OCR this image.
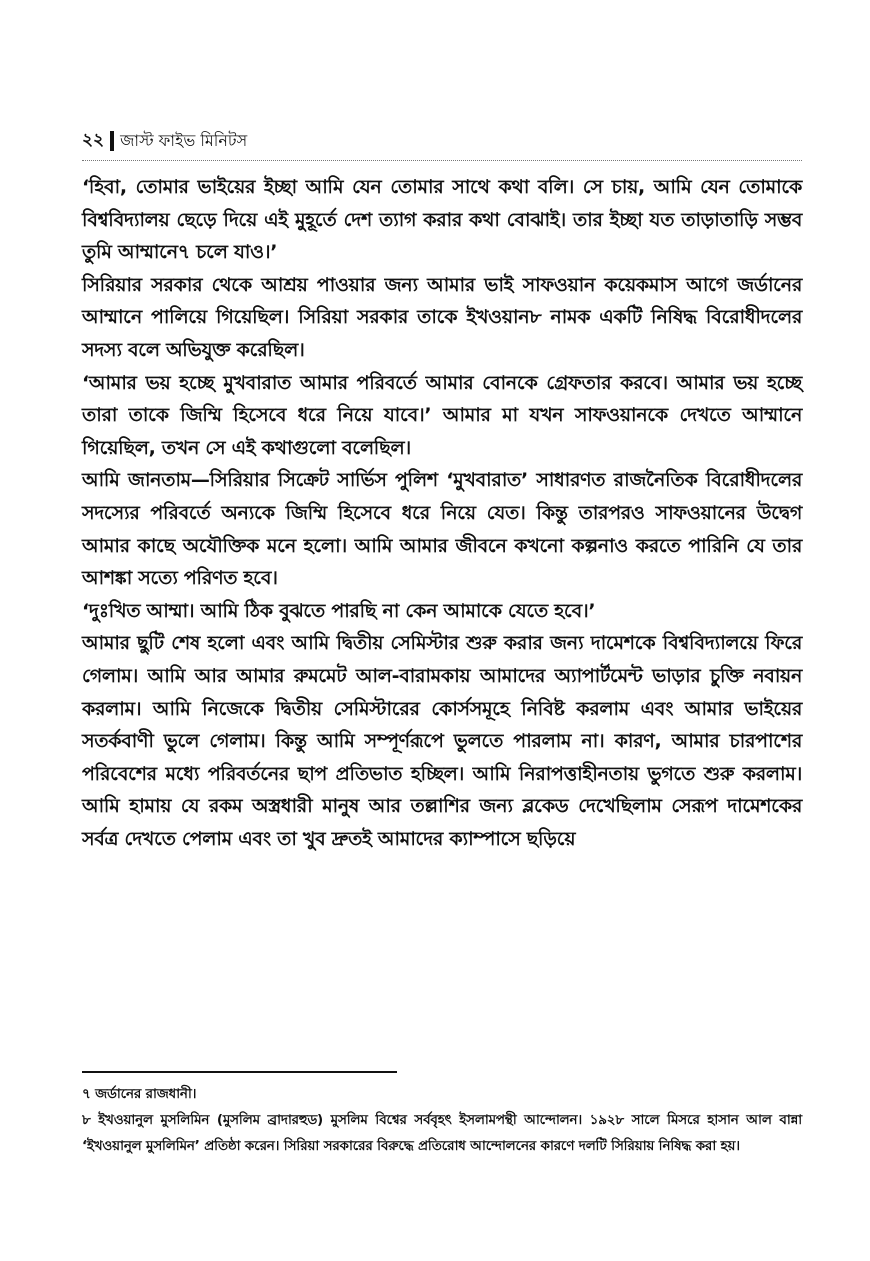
২২ জাস্ট ফাইভ মিনিটস

‘হিবা, তোমার ভাইয়ের ইচ্ছা আমি যেন তোমার সাথে কথা বলি। সে চায়, আমি যেন তোমাকে বিশ্ববিদ্যালয় ছেড়ে দিয়ে এই মুহূর্তে দেশ ত্যাগ করার কথা বোঝাই। তার ইচ্ছা যত তাড়াতাড়ি সম্ভব তুমি আম্মানে৭ চলে যাও।’

সিরিয়ার সরকার থেকে আশ্রয় পাওয়ার জন্য আমার ভাই সাফওয়ান কয়েকমাস আগে জর্ডানের আম্মানে পালিয়ে গিয়েছিল। সিরিয়া সরকার তাকে ইখওয়ান৮ নামক একটি নিষিদ্ধ বিরোধীদলের সদস্য বলে অভিযুক্ত করেছিল।

‘আমার ভয় হচ্ছে মুখবারাত আমার পরিবর্তে আমার বোনকে গ্রেফতার করবে। আমার ভয় হচ্ছে তারা তাকে জিম্মি হিসেবে ধরে নিয়ে যাবে।’ আমার মা যখন সাফওয়ানকে দেখতে আম্মানে গিয়েছিল, তখন সে এই কথাগুলো বলেছিল।

আমি জানতাম—সিরিয়ার সিক্রেট সার্ভিস পুলিশ ‘মুখবারাত’ সাধারণত রাজনৈতিক বিরোধীদলের সদস্যের পরিবর্তে অন্যকে জিম্মি হিসেবে ধরে নিয়ে যেত। কিন্তু তারপরও সাফওয়ানের উদ্বেগ আমার কাছে অযৌক্তিক মনে হলো। আমি আমার জীবনে কখনো কল্পনাও করতে পারিনি যে তার আশঙ্কা সত্যে পরিণত হবে।

‘দুঃখিত আম্মা। আমি ঠিক বুঝতে পারছি না কেন আমাকে যেতে হবে।’

আমার ছুটি শেষ হলো এবং আমি দ্বিতীয় সেমিস্টার শুরু করার জন্য দামেশকে বিশ্ববিদ্যালয়ে ফিরে গেলাম। আমি আর আমার রুমমেট আল-বারামকায় আমাদের অ্যাপার্টমেন্ট ভাড়ার চুক্তি নবায়ন করলাম। আমি নিজেকে দ্বিতীয় সেমিস্টারের কোর্সসমূহে নিবিষ্ট করলাম এবং আমার ভাইয়ের সতর্কবাণী ভুলে গেলাম। কিন্তু আমি সম্পূর্ণরূপে ভুলতে পারলাম না। কারণ, আমার চারপাশের পরিবেশের মধ্যে পরিবর্তনের ছাপ প্রতিভাত হচ্ছিল। আমি নিরাপত্তাহীনতায় ভুগতে শুরু করলাম। আমি হামায় যে রকম অস্ত্রধারী মানুষ আর তল্লাশির জন্য ব্লকেড দেখেছিলাম সেরূপ দামেশকের সর্বত্র দেখতে পেলাম এবং তা খুব দ্রুতই আমাদের ক্যাম্পাসে ছড়িয়ে

৭ জর্ডানের রাজধানী।

৮ ইখওয়ানুল মুসলিমিন (মুসলিম ব্রাদারহুড) মুসলিম বিশ্বের সর্ববৃহৎ ইসলামপন্থী আন্দোলন। ১৯২৮ সালে মিসরে হাসান আল বান্না ‘ইখওয়ানুল মুসলিমিন’ প্রতিষ্ঠা করেন। সিরিয়া সরকারের বিরুদ্ধে প্রতিরোধ আন্দোলনের কারণে দলটি সিরিয়ায় নিষিদ্ধ করা হয়।
